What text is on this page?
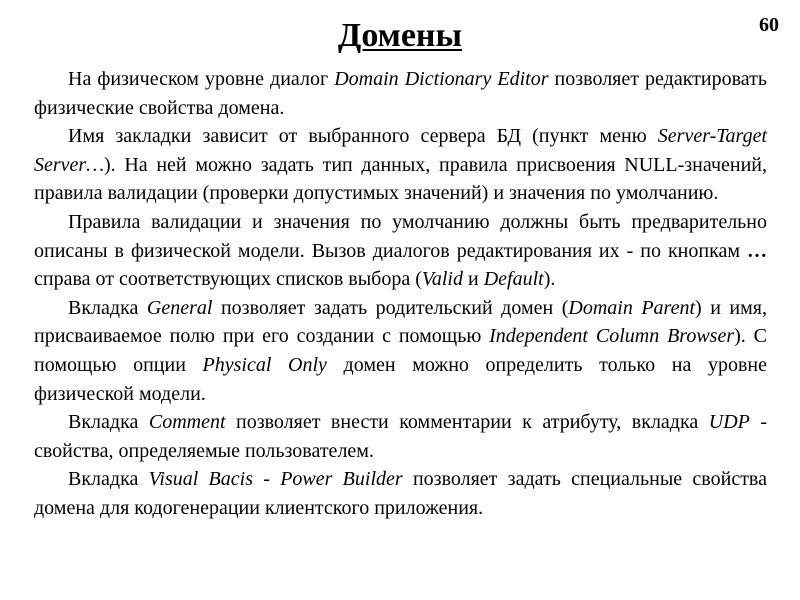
Домены	60

На физическом уровне диалог Domain Dictionary Editor позволяет редактировать физические свойства домена.

Имя закладки зависит от выбранного сервера БД (пункт меню Server-Target Server…). На ней можно задать тип данных, правила присвоения NULL-значений, правила валидации (проверки допустимых значений) и значения по умолчанию.

Правила валидации и значения по умолчанию должны быть предварительно описаны в физической модели. Вызов диалогов редактирования их - по кнопкам … справа от соответствующих списков выбора (Valid и Default).

Вкладка General позволяет задать родительский домен (Domain Parent) и имя, присваиваемое полю при его создании с помощью Independent Column Browser). С помощью опции Physical Only домен можно определить только на уровне физической модели.

Вкладка Comment позволяет внести комментарии к атрибуту, вкладка UDP - свойства, определяемые пользователем.

Вкладка Visual Bacis - Power Builder позволяет задать специальные свойства домена для кодогенерации клиентского приложения.
